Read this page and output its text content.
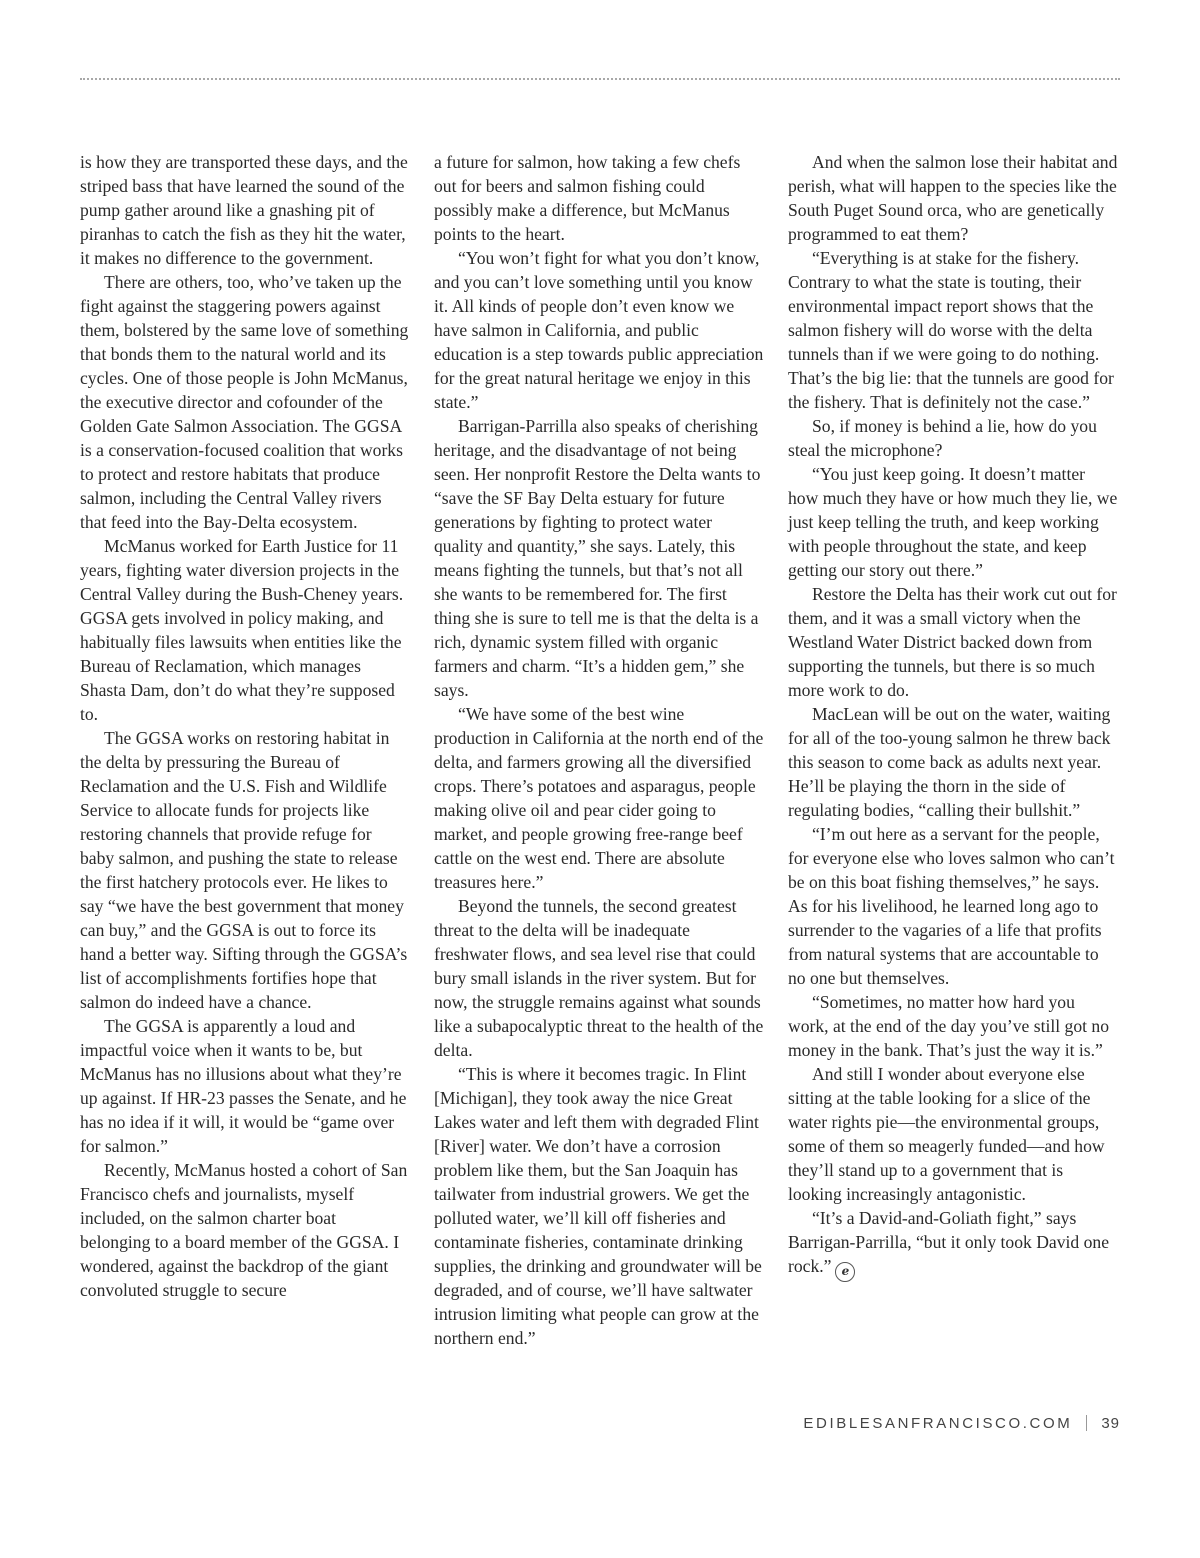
is how they are transported these days, and the striped bass that have learned the sound of the pump gather around like a gnashing pit of piranhas to catch the fish as they hit the water, it makes no difference to the government.

There are others, too, who’ve taken up the fight against the staggering powers against them, bolstered by the same love of something that bonds them to the natural world and its cycles. One of those people is John McManus, the executive director and cofounder of the Golden Gate Salmon Association. The GGSA is a conservation-focused coalition that works to protect and restore habitats that produce salmon, including the Central Valley rivers that feed into the Bay-Delta ecosystem.

McManus worked for Earth Justice for 11 years, fighting water diversion projects in the Central Valley during the Bush-Cheney years. GGSA gets involved in policy making, and habitually files lawsuits when entities like the Bureau of Reclamation, which manages Shasta Dam, don’t do what they’re supposed to.

The GGSA works on restoring habitat in the delta by pressuring the Bureau of Reclamation and the U.S. Fish and Wildlife Service to allocate funds for projects like restoring channels that provide refuge for baby salmon, and pushing the state to release the first hatchery protocols ever. He likes to say “we have the best government that money can buy,” and the GGSA is out to force its hand a better way. Sifting through the GGSA’s list of accomplishments fortifies hope that salmon do indeed have a chance.

The GGSA is apparently a loud and impactful voice when it wants to be, but McManus has no illusions about what they’re up against. If HR-23 passes the Senate, and he has no idea if it will, it would be “game over for salmon.”

Recently, McManus hosted a cohort of San Francisco chefs and journalists, myself included, on the salmon charter boat belonging to a board member of the GGSA. I wondered, against the backdrop of the giant convoluted struggle to secure

a future for salmon, how taking a few chefs out for beers and salmon fishing could possibly make a difference, but McManus points to the heart.

“You won’t fight for what you don’t know, and you can’t love something until you know it. All kinds of people don’t even know we have salmon in California, and public education is a step towards public appreciation for the great natural heritage we enjoy in this state.”

Barrigan-Parrilla also speaks of cherishing heritage, and the disadvantage of not being seen. Her nonprofit Restore the Delta wants to “save the SF Bay Delta estuary for future generations by fighting to protect water quality and quantity,” she says. Lately, this means fighting the tunnels, but that’s not all she wants to be remembered for. The first thing she is sure to tell me is that the delta is a rich, dynamic system filled with organic farmers and charm. “It’s a hidden gem,” she says.

“We have some of the best wine production in California at the north end of the delta, and farmers growing all the diversified crops. There’s potatoes and asparagus, people making olive oil and pear cider going to market, and people growing free-range beef cattle on the west end. There are absolute treasures here.”

Beyond the tunnels, the second greatest threat to the delta will be inadequate freshwater flows, and sea level rise that could bury small islands in the river system. But for now, the struggle remains against what sounds like a subapocalyptic threat to the health of the delta.

“This is where it becomes tragic. In Flint [Michigan], they took away the nice Great Lakes water and left them with degraded Flint [River] water. We don’t have a corrosion problem like them, but the San Joaquin has tailwater from industrial growers. We get the polluted water, we’ll kill off fisheries and contaminate fisheries, contaminate drinking supplies, the drinking and groundwater will be degraded, and of course, we’ll have saltwater intrusion limiting what people can grow at the northern end.”

And when the salmon lose their habitat and perish, what will happen to the species like the South Puget Sound orca, who are genetically programmed to eat them?

“Everything is at stake for the fishery. Contrary to what the state is touting, their environmental impact report shows that the salmon fishery will do worse with the delta tunnels than if we were going to do nothing. That’s the big lie: that the tunnels are good for the fishery. That is definitely not the case.”

So, if money is behind a lie, how do you steal the microphone?

“You just keep going. It doesn’t matter how much they have or how much they lie, we just keep telling the truth, and keep working with people throughout the state, and keep getting our story out there.”

Restore the Delta has their work cut out for them, and it was a small victory when the Westland Water District backed down from supporting the tunnels, but there is so much more work to do.

MacLean will be out on the water, waiting for all of the too-young salmon he threw back this season to come back as adults next year. He’ll be playing the thorn in the side of regulating bodies, “calling their bullshit.”

“I’m out here as a servant for the people, for everyone else who loves salmon who can’t be on this boat fishing themselves,” he says. As for his livelihood, he learned long ago to surrender to the vagaries of a life that profits from natural systems that are accountable to no one but themselves.

“Sometimes, no matter how hard you work, at the end of the day you’ve still got no money in the bank. That’s just the way it is.”

And still I wonder about everyone else sitting at the table looking for a slice of the water rights pie—the environmental groups, some of them so meagerly funded—and how they’ll stand up to a government that is looking increasingly antagonistic.

“It’s a David-and-Goliath fight,” says Barrigan-Parrilla, “but it only took David one rock.” e

EDIBLESANFRANCISCO.COM 39
